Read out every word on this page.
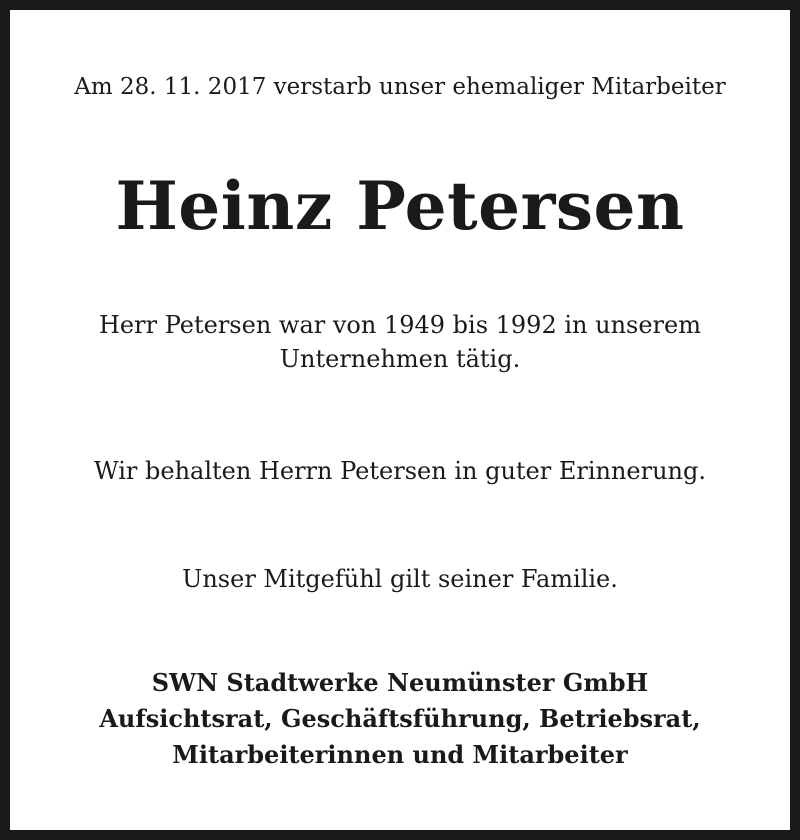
Am 28. 11. 2017 verstarb unser ehemaliger Mitarbeiter
Heinz Petersen
Herr Petersen war von 1949 bis 1992 in unserem
Unternehmen tätig.
Wir behalten Herrn Petersen in guter Erinnerung.
Unser Mitgefühl gilt seiner Familie.
SWN Stadtwerke Neumünster GmbH
Aufsichtsrat, Geschäftsführung, Betriebsrat,
Mitarbeiterinnen und Mitarbeiter
